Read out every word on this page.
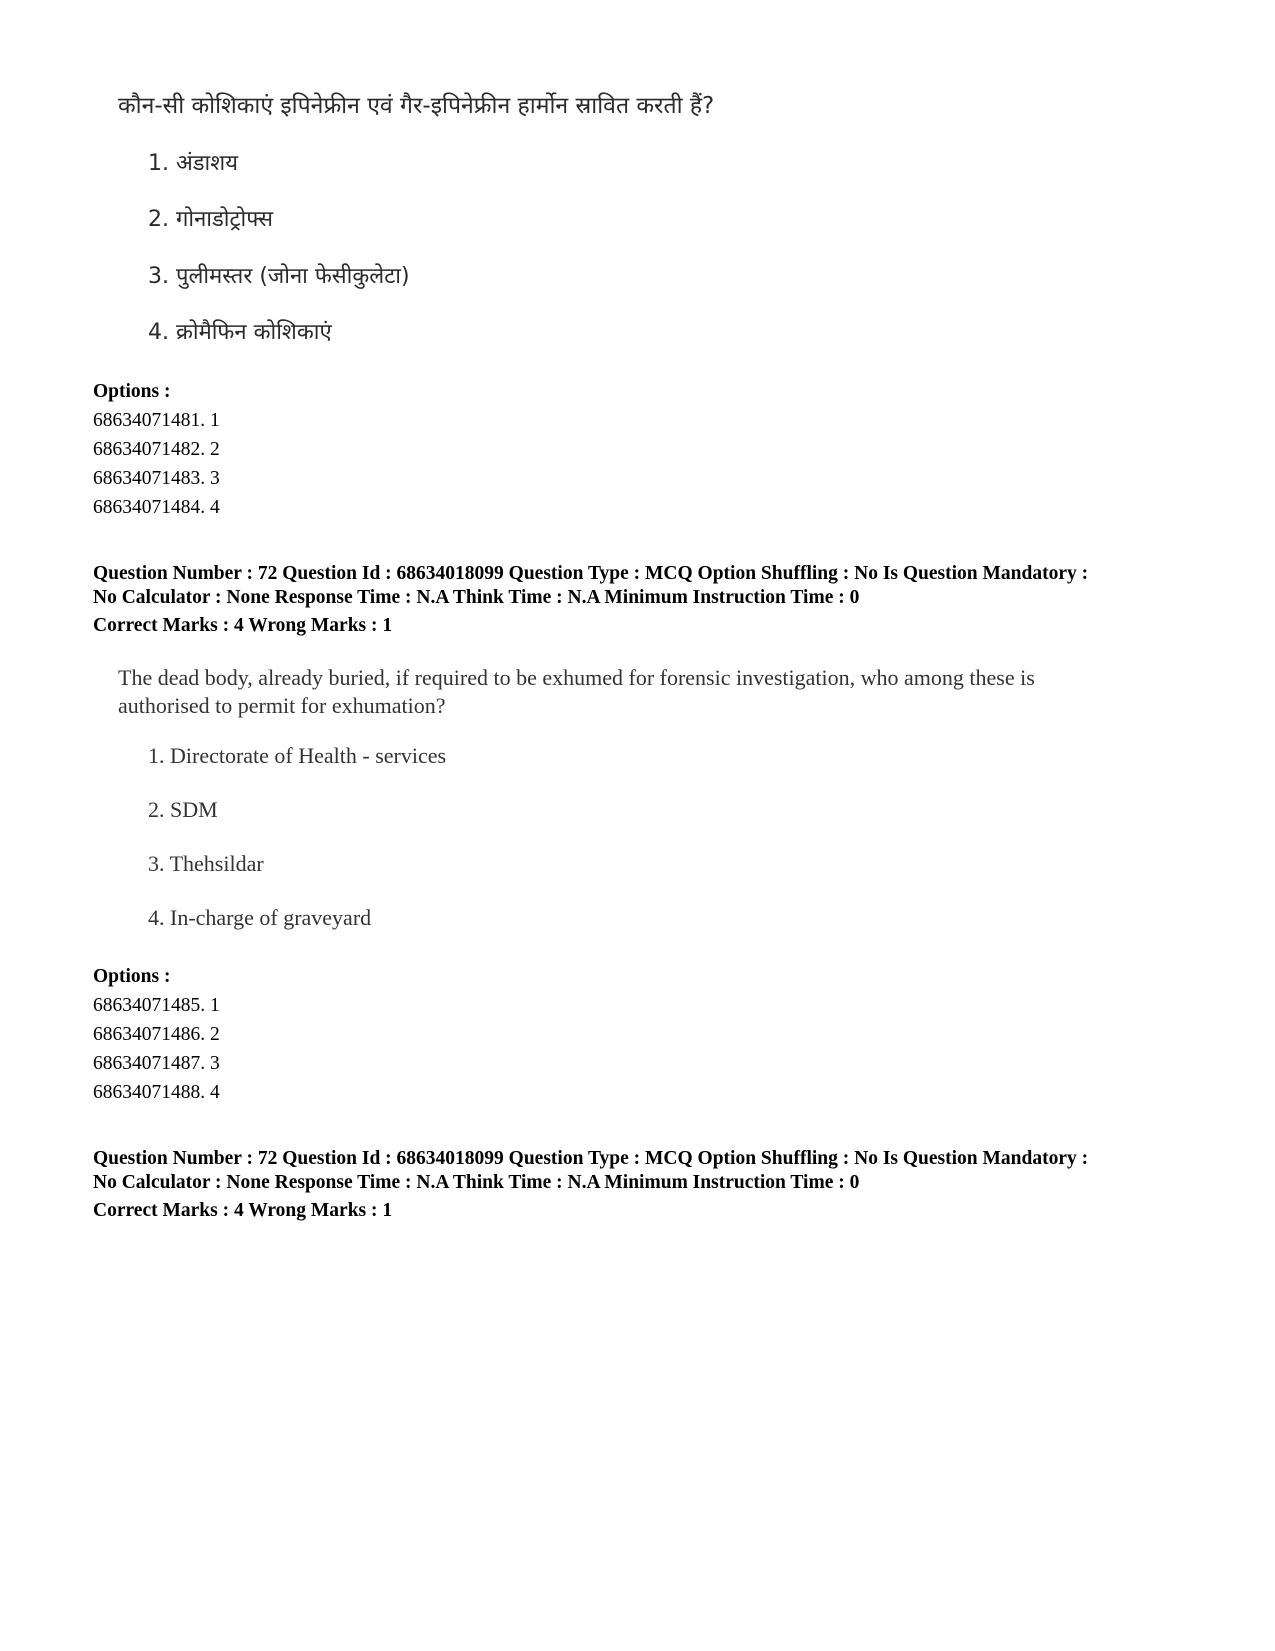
कौन-सी कोशिकाएं इपिनेफ्रीन एवं गैर-इपिनेफ्रीन हार्मोन स्रावित करती हैं?
1. अंडाशय
2. गोनाडोट्रोफ्स
3. पुलीमस्तर (जोना फेसीकुलेटा)
4. क्रोमैफिन कोशिकाएं
Options :
68634071481. 1
68634071482. 2
68634071483. 3
68634071484. 4
Question Number : 72 Question Id : 68634018099 Question Type : MCQ Option Shuffling : No Is Question Mandatory :
No Calculator : None Response Time : N.A Think Time : N.A Minimum Instruction Time : 0
Correct Marks : 4 Wrong Marks : 1
The dead body, already buried, if required to be exhumed for forensic investigation, who among these is
authorised to permit for exhumation?
1. Directorate of Health - services
2. SDM
3. Thehsildar
4. In-charge of graveyard
Options :
68634071485. 1
68634071486. 2
68634071487. 3
68634071488. 4
Question Number : 72 Question Id : 68634018099 Question Type : MCQ Option Shuffling : No Is Question Mandatory :
No Calculator : None Response Time : N.A Think Time : N.A Minimum Instruction Time : 0
Correct Marks : 4 Wrong Marks : 1
